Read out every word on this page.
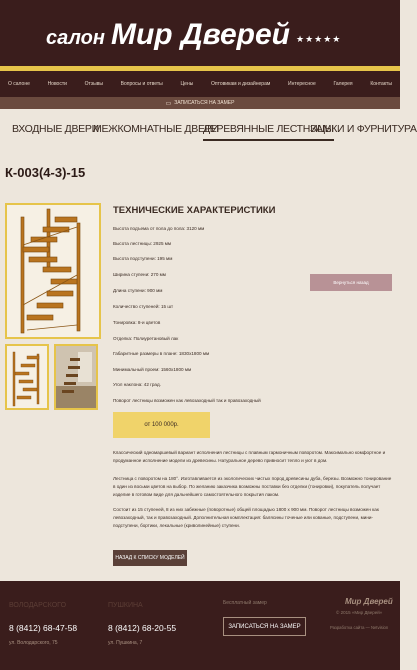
салон Мир Дверей ★★★★★
О салоне	Новости	Отзывы	Вопросы и ответы	Цены	Оптовикам и дизайнерам	Интересное	Галерея	Контакты
▭ ЗАПИСАТЬСЯ НА ЗАМЕР
ВХОДНЫЕ ДВЕРИ
МЕЖКОМНАТНЫЕ ДВЕРИ
ДЕРЕВЯННЫЕ ЛЕСТНИЦЫ
ЗАМКИ И ФУРНИТУРА
К-003(4-3)-15
ТЕХНИЧЕСКИЕ ХАРАКТЕРИСТИКИ
Высота подъема от пола до пола: 3120 мм
Высота лестницы: 2925 мм
Высота подступени: 195 мм
Ширина ступени: 270 мм
Длина ступени: 900 мм
Количество ступеней: 15 шт
Тонировка: 8-и цветов
Отделка: Полиуретановый лак
Габаритные размеры в плане: 1830х1800 мм
Минимальный проем: 1560х1800 мм
Угол наклона: 42 град.
Поворот лестницы возможен как левозаходный так и правозаходный
от 100 000р.
Вернуться назад
Классический одномаршевый вариант исполнения лестницы с плавным гармоничным поворотом. Максимально комфортное и продуманное исполнение модели из древесины. Натуральное дерево привносит тепло и уют в дом.
Лестница с поворотом на 180°. Изготавливается из экологических чистых пород древесины дуба, березы. Возможно тонирование в один из восьми цветов на выбор. По желанию заказчика возможны поставки без отделки (тонировки), покупатель получает изделие в готовом виде для дальнейшего самостоятельного покрытия лаком.
Состоит из 15 ступеней, 8 из них забежные (поворотные) общей площадью 1800 х 900 мм. Поворот лестницы возможен как левозаходный, так и правозаходный. Дополнительная комплектация: балясины точеные или кованые, подступени, мини-подступени, бортики, лекальные (криволинейные) ступени.
НАЗАД К СПИСКУ МОДЕЛЕЙ
ВОЛОДАРСКОГО
8 (8412) 68-47-58
ул. Володарского, 75
ПУШКИНА
8 (8412) 68-20-55
ул. Пушкина, 7
Бесплатный замер
ЗАПИСАТЬСЯ НА ЗАМЕР
Мир Дверей
© 2015 «Мир Дверей»
Разработка сайта — Netvision
